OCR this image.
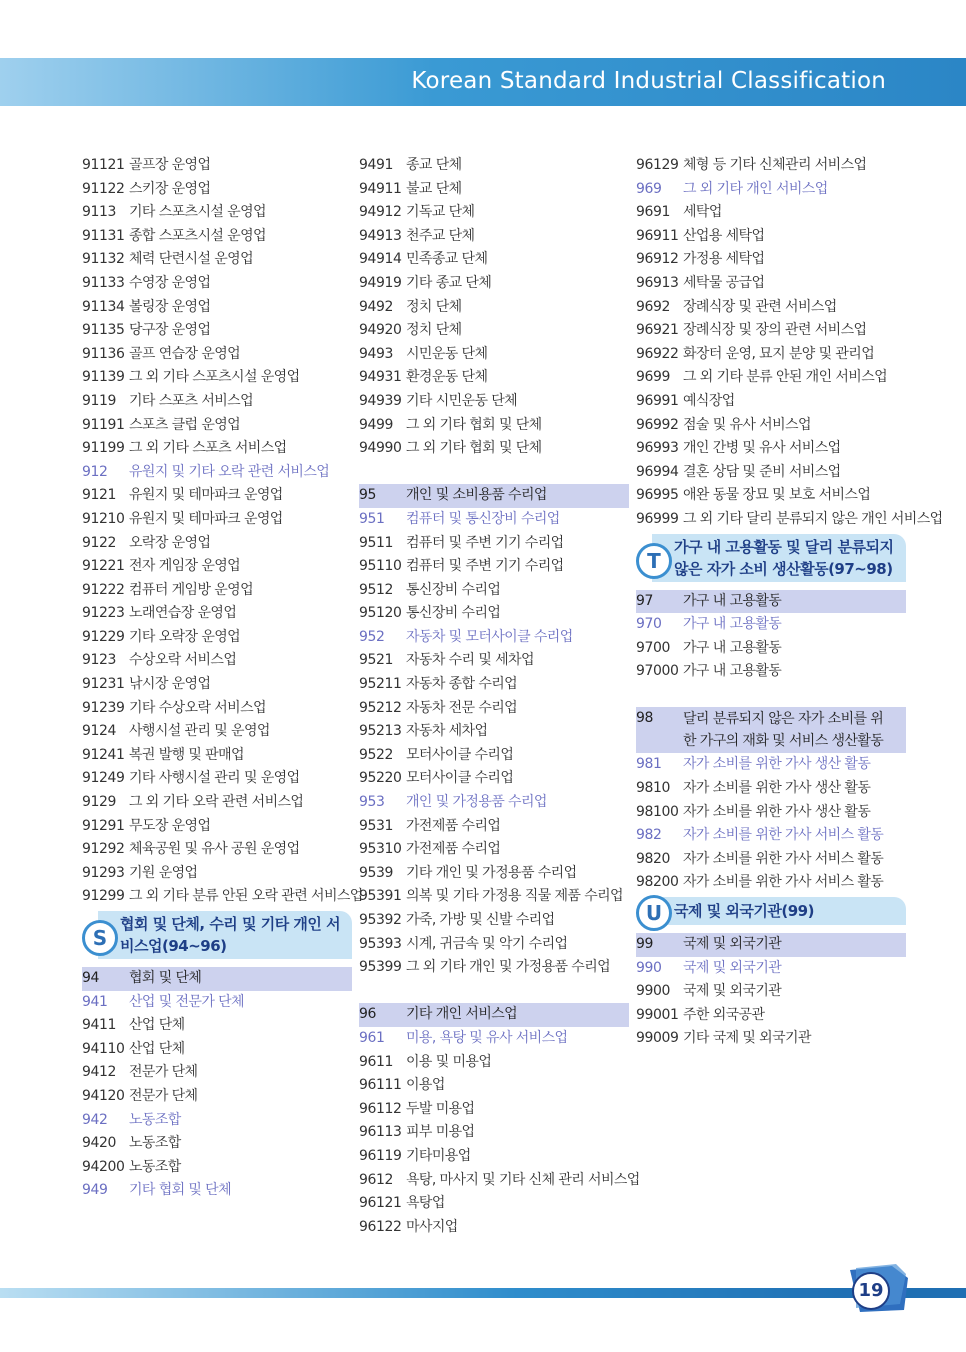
Korean Standard Industrial Classification
91121 골프장 운영업
91122 스키장 운영업
9113 기타 스포츠시설 운영업
91131 종합 스포츠시설 운영업
91132 체력 단련시설 운영업
91133 수영장 운영업
91134 볼링장 운영업
91135 당구장 운영업
91136 골프 연습장 운영업
91139 그 외 기타 스포츠시설 운영업
9119 기타 스포츠 서비스업
91191 스포츠 클럽 운영업
91199 그 외 기타 스포츠 서비스업
912	유원지 및 기타 오락 관련 서비스업
9121 유원지 및 테마파크 운영업
91210 유원지 및 테마파크 운영업
9122 오락장 운영업
91221 전자 게임장 운영업
91222 컴퓨터 게임방 운영업
91223 노래연습장 운영업
91229 기타 오락장 운영업
9123 수상오락 서비스업
91231 낚시장 운영업
91239 기타 수상오락 서비스업
9124 사행시설 관리 및 운영업
91241 복권 발행 및 판매업
91249 기타 사행시설 관리 및 운영업
9129 그 외 기타 오락 관련 서비스업
91291 무도장 운영업
91292 체육공원 및 유사 공원 운영업
91293 기원 운영업
91299 그 외 기타 분류 안된 오락 관련 서비스업
S
협회 및 단체, 수리 및 기타 개인 서비스업(94~96)
94	협회 및 단체
941	산업 및 전문가 단체
9411 산업 단체
94110 산업 단체
9412 전문가 단체
94120 전문가 단체
942	노동조합
9420 노동조합
94200 노동조합
949	기타 협회 및 단체
9491 종교 단체
94911 불교 단체
94912 기독교 단체
94913 천주교 단체
94914 민족종교 단체
94919 기타 종교 단체
9492 정치 단체
94920 정치 단체
9493 시민운동 단체
94931 환경운동 단체
94939 기타 시민운동 단체
9499 그 외 기타 협회 및 단체
94990 그 외 기타 협회 및 단체
95	개인 및 소비용품 수리업
951	컴퓨터 및 통신장비 수리업
9511 컴퓨터 및 주변 기기 수리업
95110 컴퓨터 및 주변 기기 수리업
9512 통신장비 수리업
95120 통신장비 수리업
952	자동차 및 모터사이클 수리업
9521 자동차 수리 및 세차업
95211 자동차 종합 수리업
95212 자동차 전문 수리업
95213 자동차 세차업
9522 모터사이클 수리업
95220 모터사이클 수리업
953	개인 및 가정용품 수리업
9531 가전제품 수리업
95310 가전제품 수리업
9539 기타 개인 및 가정용품 수리업
95391 의복 및 기타 가정용 직물 제품 수리업
95392 가죽, 가방 및 신발 수리업
95393 시계, 귀금속 및 악기 수리업
95399 그 외 기타 개인 및 가정용품 수리업
96	기타 개인 서비스업
961	미용, 욕탕 및 유사 서비스업
9611 이용 및 미용업
96111 이용업
96112 두발 미용업
96113 피부 미용업
96119 기타미용업
9612 욕탕, 마사지 및 기타 신체 관리 서비스업
96121 욕탕업
96122 마사지업
96129 체형 등 기타 신체관리 서비스업
969	그 외 기타 개인 서비스업
9691 세탁업
96911 산업용 세탁업
96912 가정용 세탁업
96913 세탁물 공급업
9692 장례식장 및 관련 서비스업
96921 장례식장 및 장의 관련 서비스업
96922 화장터 운영, 묘지 분양 및 관리업
9699 그 외 기타 분류 안된 개인 서비스업
96991 예식장업
96992 점술 및 유사 서비스업
96993 개인 간병 및 유사 서비스업
96994 결혼 상담 및 준비 서비스업
96995 애완 동물 장묘 및 보호 서비스업
96999 그 외 기타 달리 분류되지 않은 개인 서비스업
T
가구 내 고용활동 및 달리 분류되지 않은 자가 소비 생산활동(97~98)
97	가구 내 고용활동
970	가구 내 고용활동
9700 가구 내 고용활동
97000 가구 내 고용활동
98	달리 분류되지 않은 자가 소비를 위한 가구의 재화 및 서비스 생산활동
981	자가 소비를 위한 가사 생산 활동
9810 자가 소비를 위한 가사 생산 활동
98100 자가 소비를 위한 가사 생산 활동
982	자가 소비를 위한 가사 서비스 활동
9820 자가 소비를 위한 가사 서비스 활동
98200 자가 소비를 위한 가사 서비스 활동
U 국제 및 외국기관(99)
99	국제 및 외국기관
990	국제 및 외국기관
9900 국제 및 외국기관
99001 주한 외국공관
99009 기타 국제 및 외국기관
19
